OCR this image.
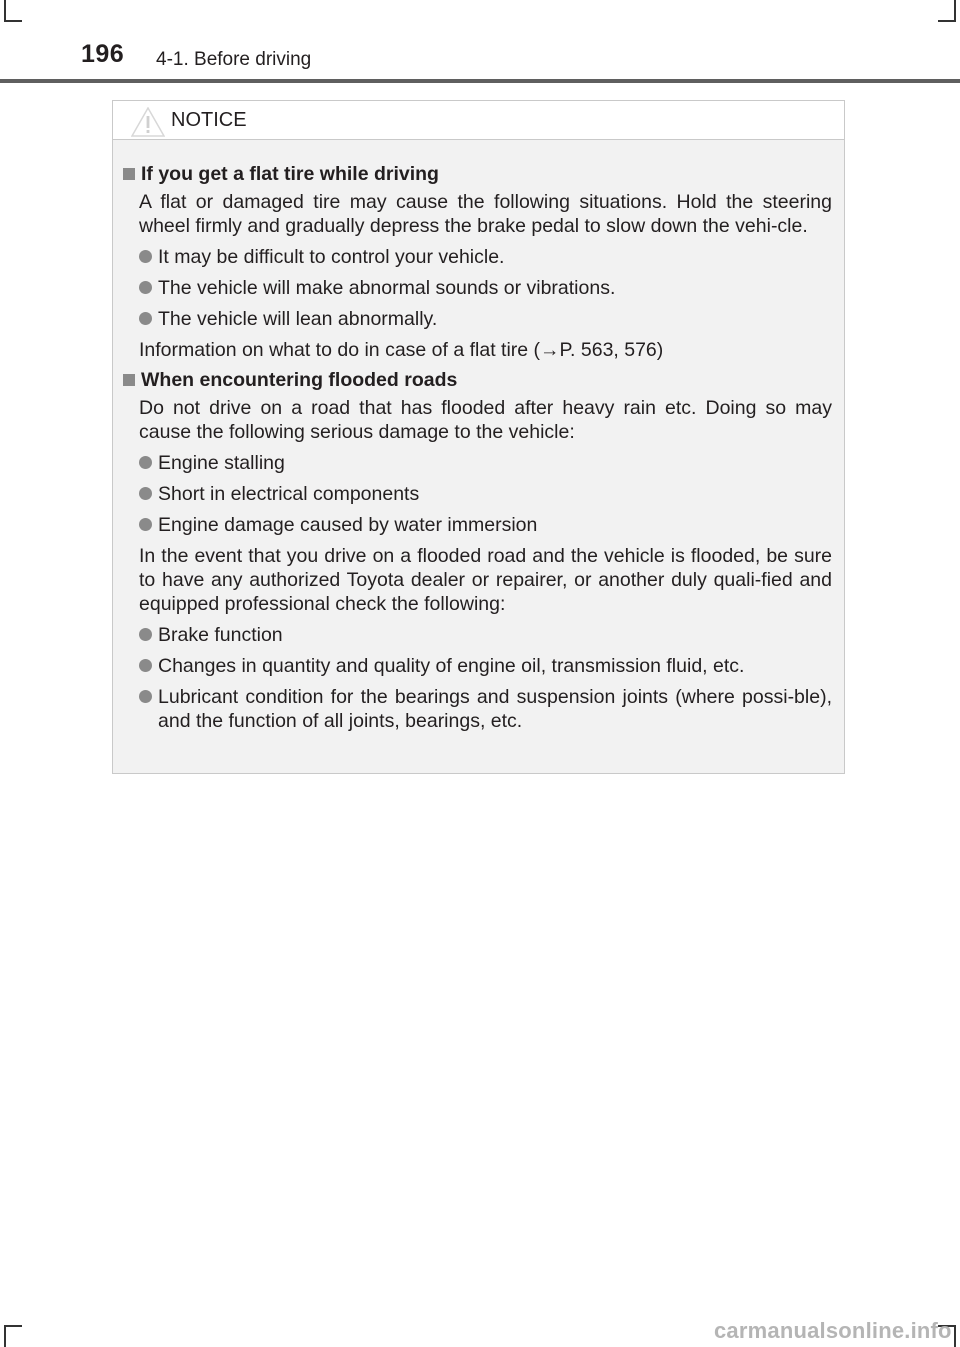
196 4-1. Before driving
NOTICE
If you get a flat tire while driving
A flat or damaged tire may cause the following situations. Hold the steering wheel firmly and gradually depress the brake pedal to slow down the vehi-cle.
It may be difficult to control your vehicle.
The vehicle will make abnormal sounds or vibrations.
The vehicle will lean abnormally.
Information on what to do in case of a flat tire (→P. 563, 576)
When encountering flooded roads
Do not drive on a road that has flooded after heavy rain etc. Doing so may cause the following serious damage to the vehicle:
Engine stalling
Short in electrical components
Engine damage caused by water immersion
In the event that you drive on a flooded road and the vehicle is flooded, be sure to have any authorized Toyota dealer or repairer, or another duly quali-fied and equipped professional check the following:
Brake function
Changes in quantity and quality of engine oil, transmission fluid, etc.
Lubricant condition for the bearings and suspension joints (where possi-ble), and the function of all joints, bearings, etc.
carmanualsonline.info
